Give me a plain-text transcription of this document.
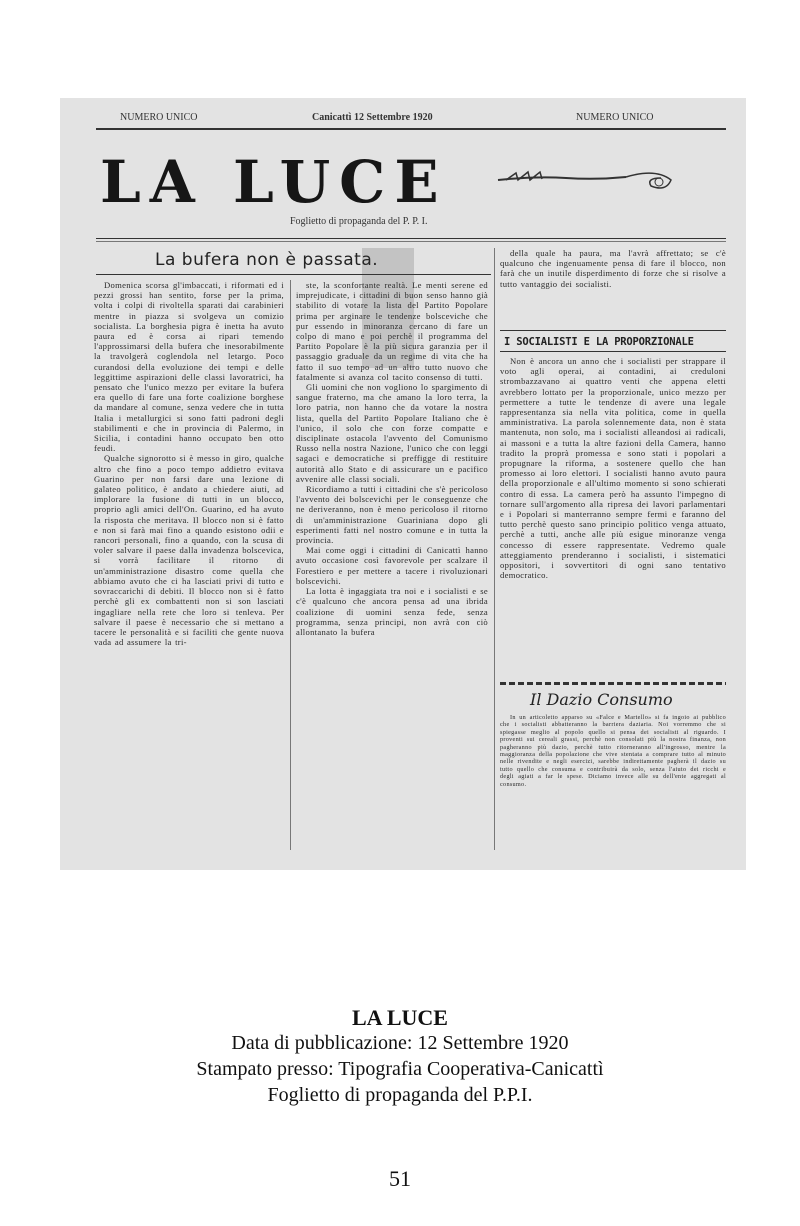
NUMERO UNICO	Canicattì 12 Settembre 1920	NUMERO UNICO
LA LUCE
Foglietto di propaganda del P. P. I.
La bufera non è passata.

Domenica scorsa gl'imbaccati, i riformati ed i pezzi grossi han sentito, forse per la prima, volta i colpi di rivoltella sparati dai carabinieri mentre in piazza si svolgeva un comizio socialista. La borghesia pigra è inetta ha avuto paura ed è corsa ai ripari temendo l'approssimarsi della bufera che inesorabilmente la travolgerà coglendola nel letargo. Poco curandosi della evoluzione dei tempi e delle leggittime aspirazioni delle classi lavoratrici, ha pensato che l'unico mezzo per evitare la bufera era quello di fare una forte coalizione borghese da mandare al comune, senza vedere che in tutta Italia i metallurgici si sono fatti padroni degli stabilimenti e che in provincia di Palermo, in Sicilia, i contadini hanno occupato ben otto feudi.

Qualche signorotto si è messo in giro, qualche altro che fino a poco tempo addietro evitava Guarino per non farsi dare una lezione di galateo politico, è andato a chiedere aiuti, ad implorare la fusione di tutti in un blocco, proprio agli amici dell'On. Guarino, ed ha avuto la risposta che meritava. Il blocco non si è fatto e non si farà mai fino a quando esistono odii e rancori personali, fino a quando, con la scusa di voler salvare il paese dalla invadenza bolscevica, si vorrà facilitare il ritorno di un'amministrazione disastro come quella che abbiamo avuto che ci ha lasciati privi di tutto e sovraccarichi di debiti. Il blocco non si è fatto perchè gli ex combattenti non si son lasciati ingagliare nella rete che loro si tenleva. Per salvare il paese è necessario che si mettano a tacere le personalità e si faciliti che gente nuova vada ad assumere la tri-

ste, la sconfortante realtà. Le menti serene ed imprejudicate, i cittadini di buon senso hanno già stabilito di votare la lista del Partito Popolare prima per arginare le tendenze bolsceviche che pur essendo in minoranza cercano di fare un colpo di mano e poi perchè il programma del Partito Popolare è la più sicura garanzia per il passaggio graduale da un regime di vita che ha fatto il suo tempo ad un altro tutto nuovo che fatalmente si avanza col tacito consenso di tutti.

Gli uomini che non vogliono lo spargimento di sangue fraterno, ma che amano la loro terra, la loro patria, non hanno che da votare la nostra lista, quella del Partito Popolare Italiano che è l'unico, il solo che con forze compatte e disciplinate ostacola l'avvento del Comunismo Russo nella nostra Nazione, l'unico che con leggi sagaci e democratiche si preffigge di restituire autorità allo Stato e di assicurare un e pacifico avvenire alle classi sociali.

Ricordiamo a tutti i cittadini che s'è pericoloso l'avvento dei bolscevichi per le conseguenze che ne deriveranno, non è meno pericoloso il ritorno di un'amministrazione Guariniana dopo gli esperimenti fatti nel nostro comune e in tutta la provincia.

Mai come oggi i cittadini di Canicattì hanno avuto occasione così favorevole per scalzare il Forestiero e per mettere a tacere i rivoluzionari bolscevichi.

La lotta è ingaggiata tra noi e i socialisti e se c'è qualcuno che ancora pensa ad una ibrida coalizione di uomini senza fede, senza programma, senza principi, non avrà con ciò allontanato la bufera

della quale ha paura, ma l'avrà affrettato; se c'è qualcuno che ingenuamente pensa di fare il blocco, non farà che un inutile disperdimento di forze che si risolve a tutto vantaggio dei socialisti.

I SOCIALISTI E LA PROPORZIONALE

Non è ancora un anno che i socialisti per strappare il voto agli operai, ai contadini, ai creduloni strombazzavano ai quattro venti che appena eletti avrebbero lottato per la proporzionale, unico mezzo per permettere a tutte le tendenze di avere una legale rappresentanza sia nella vita politica, come in quella amministrativa. La parola solennemente data, non è stata mantenuta, non solo, ma i socialisti alleandosi ai radicali, ai massoni e a tutta la altre fazioni della Camera, hanno tradito la proprà promessa e sono stati i popolari a propugnare la riforma, a sostenere quello che han promesso ai loro elettori. I socialisti hanno avuto paura della proporzionale e all'ultimo momento si sono schierati contro di essa. La camera però ha assunto l'impegno di tornare sull'argomento alla ripresa dei lavori parlamentari e i Popolari si manterranno sempre fermi e faranno del tutto perchè questo sano principio politico venga attuato, perchè a tutti, anche alle più esigue minoranze venga concesso di essere rappresentate. Vedremo quale atteggiamento prenderanno i socialisti, i sistematici oppositori, i sovvertitori di ogni sano tentativo democratico.

Il Dazio Consumo

In un articoletto apparso su «Falce e Martello» si fa ingoio ai pubblico che i socialisti abbatteranno la barriera daziaria. Noi vorremmo che si spiegasse meglio al popolo quello si pensa dei socialisti al riguardo. I proventi sui cereali grassi, perchè non consolati più la nostra finanza, non pagheranno più dazio, perchè tutto ritorneranno all'ingrosso, mentre la maggioranza della popolazione che vive stentata a comprare tutto al minuto nelle rivendite e negli esercizi, sarebbe indirettamente pagherà il dazio su tutto quello che consuma e contribuirà da solo, senza l'aiuto dei ricchi e degli agiati a far le spese. Diciamo invece alle su dell'ente aggregati al consumo.

LA LUCE
Data di pubblicazione: 12 Settembre 1920
Stampato presso: Tipografia Cooperativa-Canicattì
Foglietto di propaganda del P.P.I.
51
